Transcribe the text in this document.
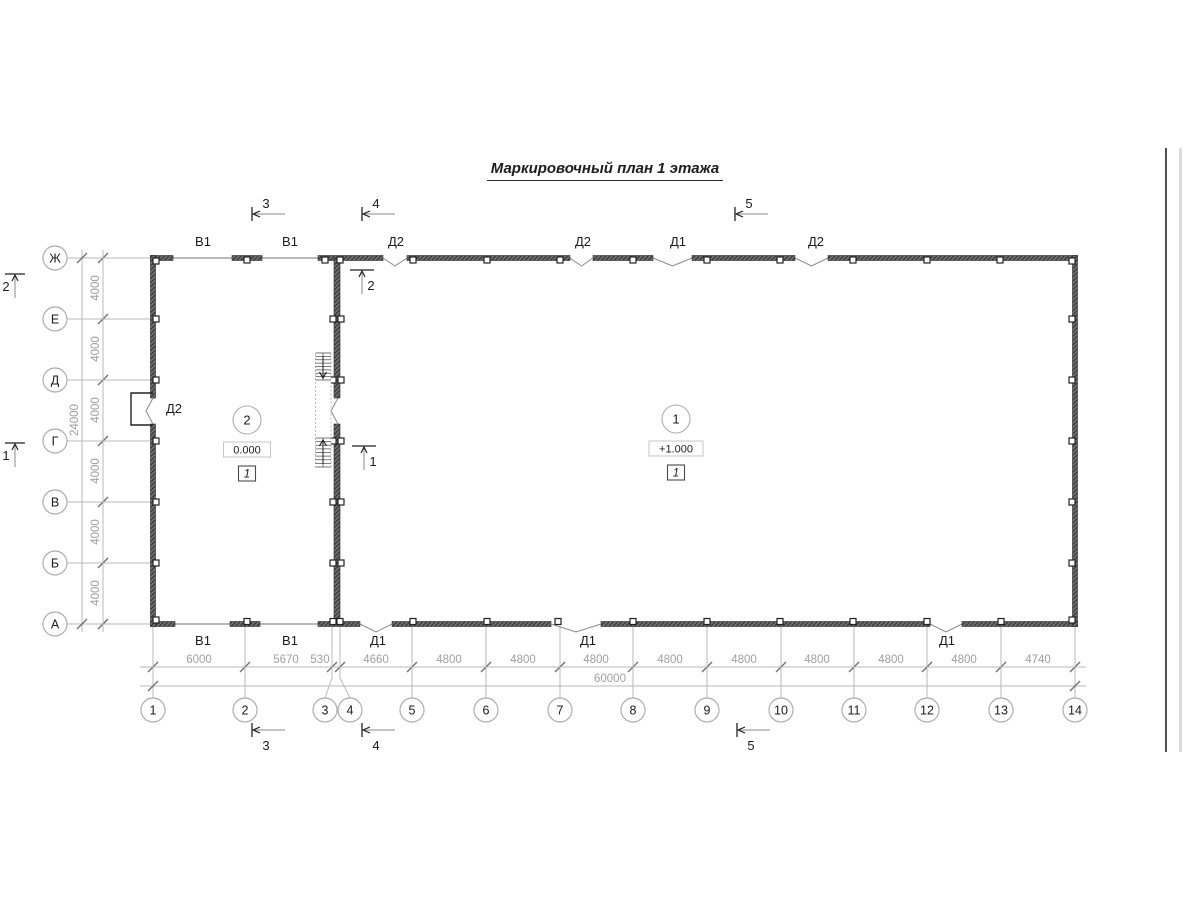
Маркировочный план 1 этажа
Ж
Е
Д
Г
В
Б
А
4000
4000
4000
4000
4000
4000
24000
1	2	3 4	5	6	7	8	9	10	11	12	13	14
6000	5670 530	4660	4800	4800	4800	4800	4800	4800	4800	4800	4740
60000
В1	В1	Д2	Д2	Д1	Д2
В1	В1	Д1	Д1	Д1
Д2
3	4	5
3	4	5
2
1
2
1
2
0.000
1
1
+1.000
1
